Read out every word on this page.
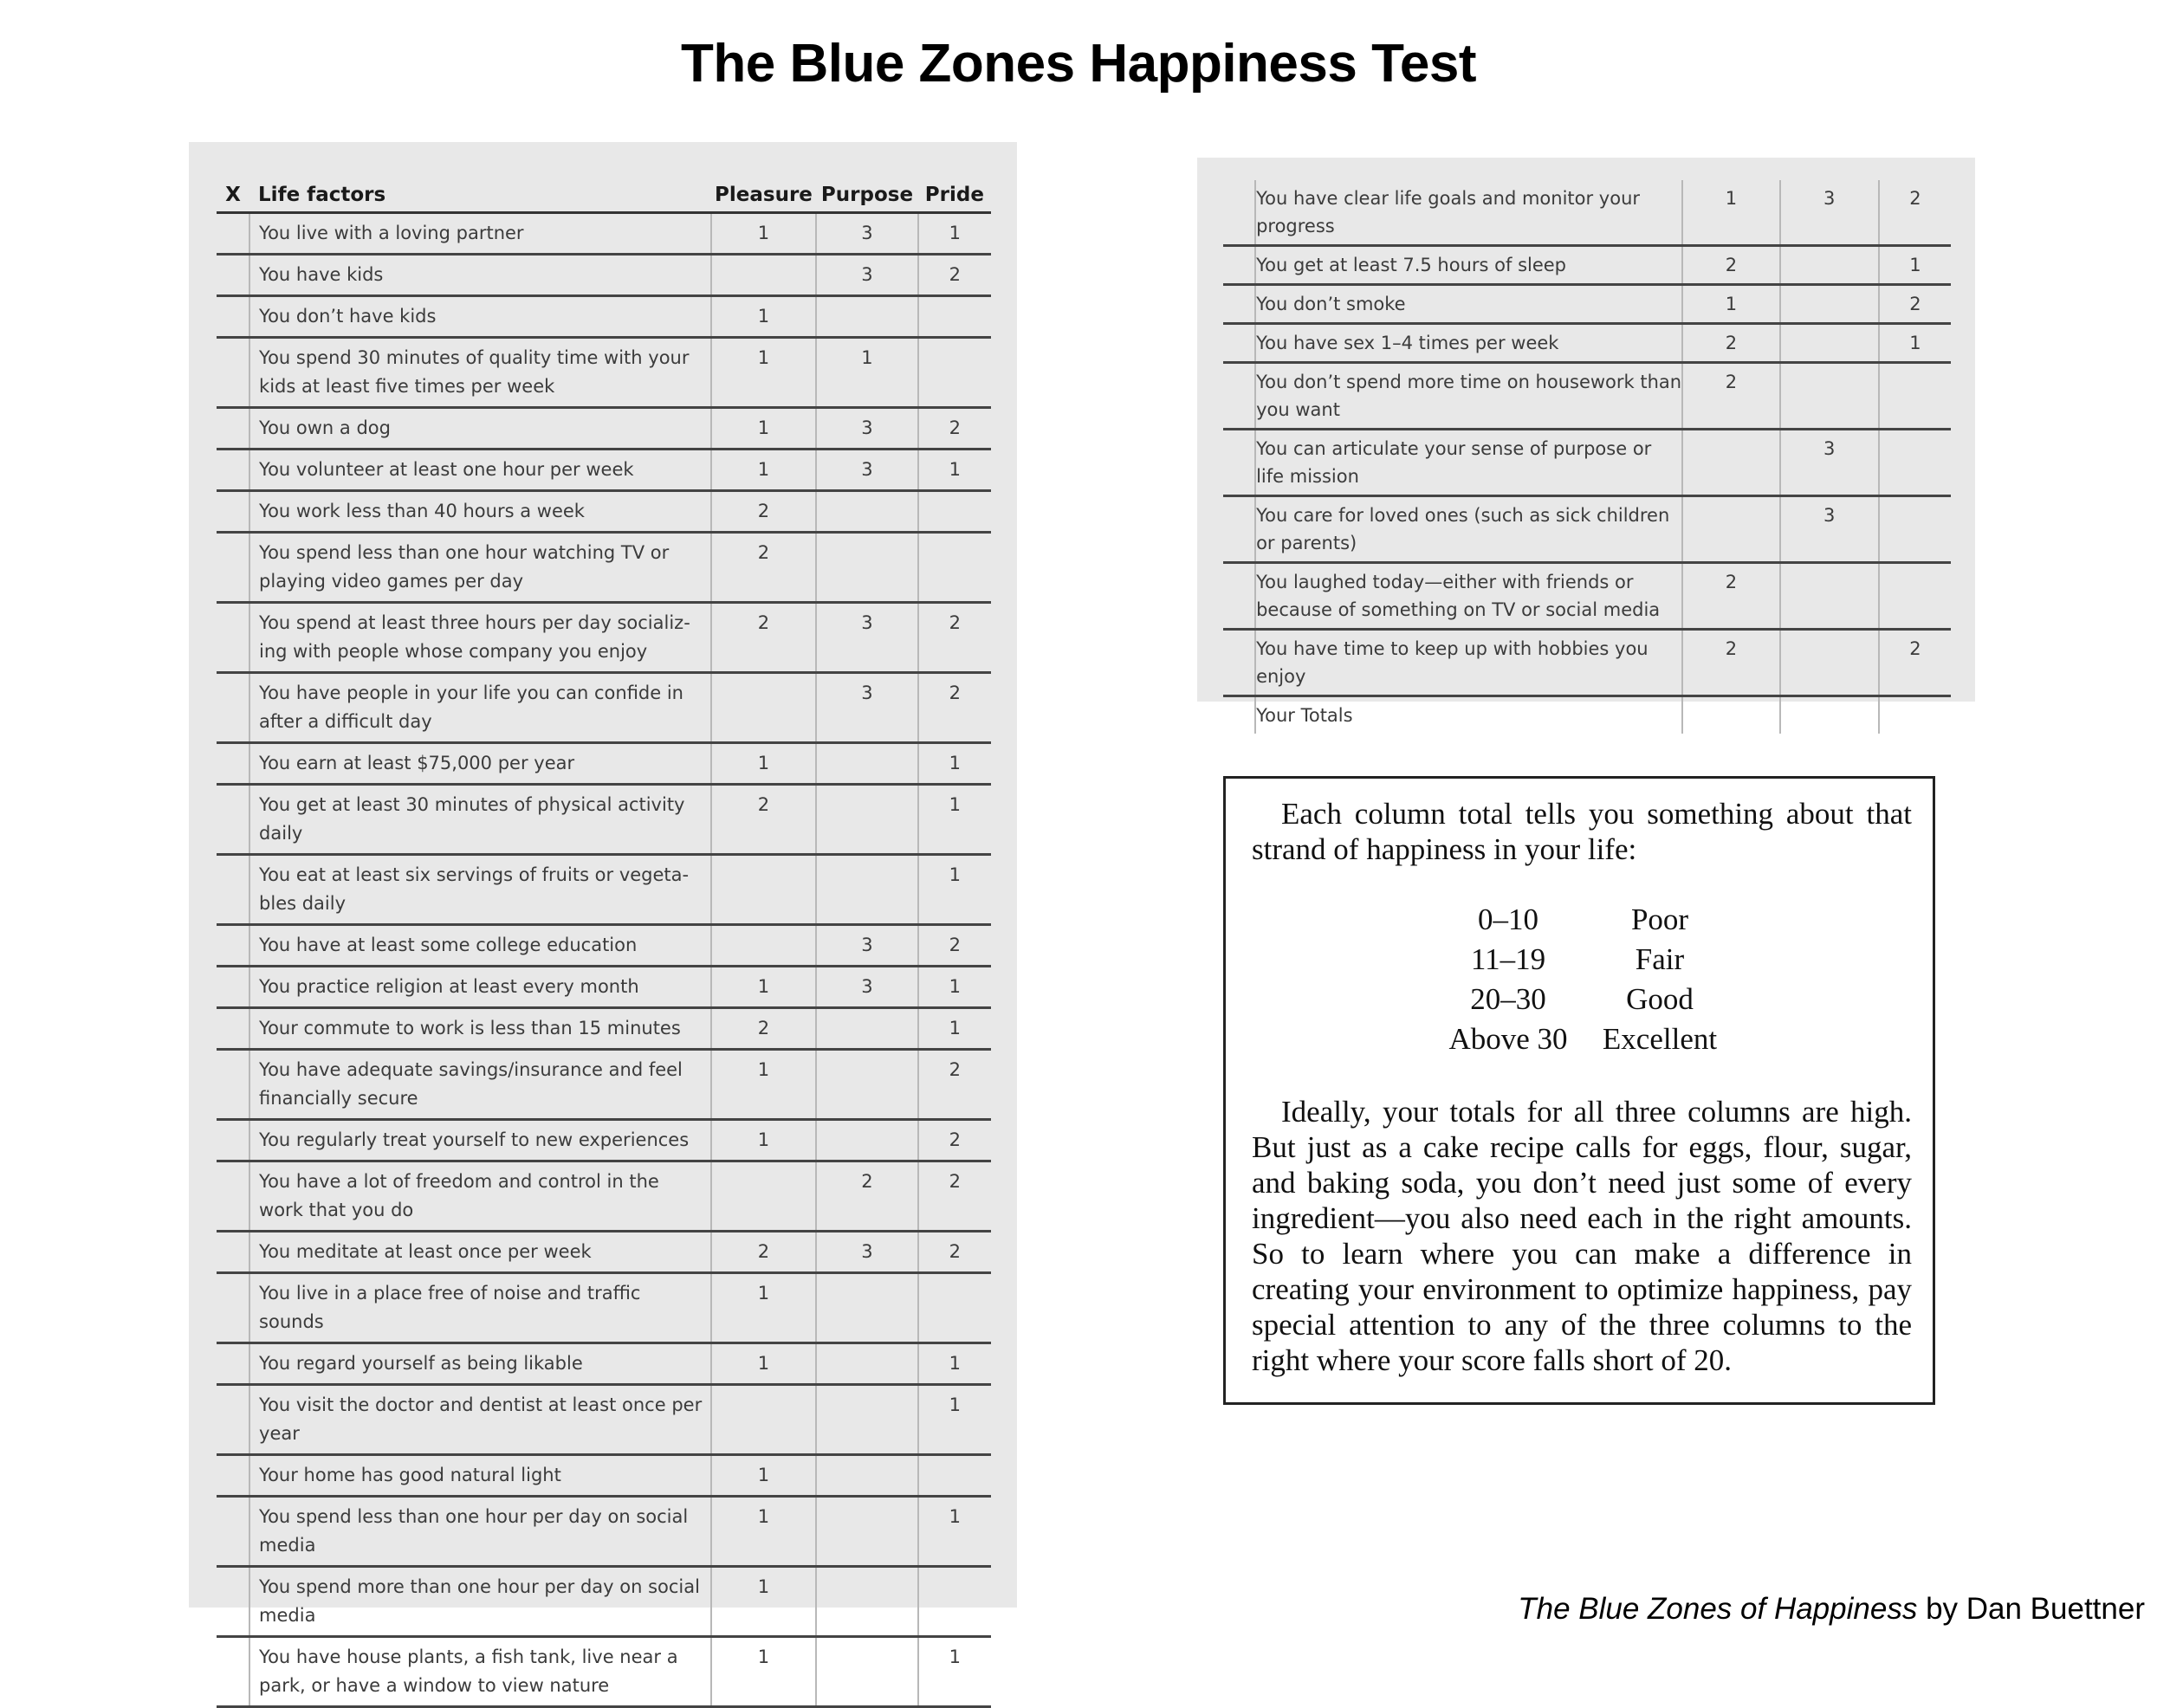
The Blue Zones Happiness Test
X	Life factors	Pleasure	Purpose	Pride
	You live with a loving partner	1	3	1
	You have kids		3	2
	You don’t have kids	1		
	You spend 30 minutes of quality time with your kids at least five times per week	1	1	
	You own a dog	1	3	2
	You volunteer at least one hour per week	1	3	1
	You work less than 40 hours a week	2		
	You spend less than one hour watching TV or playing video games per day	2		
	You spend at least three hours per day socializ-ing with people whose company you enjoy	2	3	2
	You have people in your life you can confide in after a difficult day		3	2
	You earn at least $75,000 per year	1		1
	You get at least 30 minutes of physical activity daily	2		1
	You eat at least six servings of fruits or vegeta-bles daily			1
	You have at least some college education		3	2
	You practice religion at least every month	1	3	1
	Your commute to work is less than 15 minutes	2		1
	You have adequate savings/insurance and feel financially secure	1		2
	You regularly treat yourself to new experiences	1		2
	You have a lot of freedom and control in the work that you do		2	2
	You meditate at least once per week	2	3	2
	You live in a place free of noise and traffic sounds	1		
	You regard yourself as being likable	1		1
	You visit the doctor and dentist at least once per year			1
	Your home has good natural light	1		
	You spend less than one hour per day on social media	1		1
	You spend more than one hour per day on social media	1		
	You have house plants, a fish tank, live near a park, or have a window to view nature	1		1
	You have clear life goals and monitor your progress	1	3	2
	You get at least 7.5 hours of sleep	2		1
	You don’t smoke	1		2
	You have sex 1–4 times per week	2		1
	You don’t spend more time on housework than you want	2		
	You can articulate your sense of purpose or life mission		3	
	You care for loved ones (such as sick children or parents)		3	
	You laughed today—either with friends or because of something on TV or social media	2		
	You have time to keep up with hobbies you enjoy	2		2
	Your Totals			

Each column total tells you something about that strand of happiness in your life:

0–10	Poor
11–19	Fair
20–30	Good
Above 30	Excellent

Ideally, your totals for all three columns are high. But just as a cake recipe calls for eggs, flour, sugar, and baking soda, you don’t need just some of every ingredient—you also need each in the right amounts. So to learn where you can make a difference in creating your environment to optimize happiness, pay special attention to any of the three columns to the right where your score falls short of 20.

The Blue Zones of Happiness by Dan Buettner
